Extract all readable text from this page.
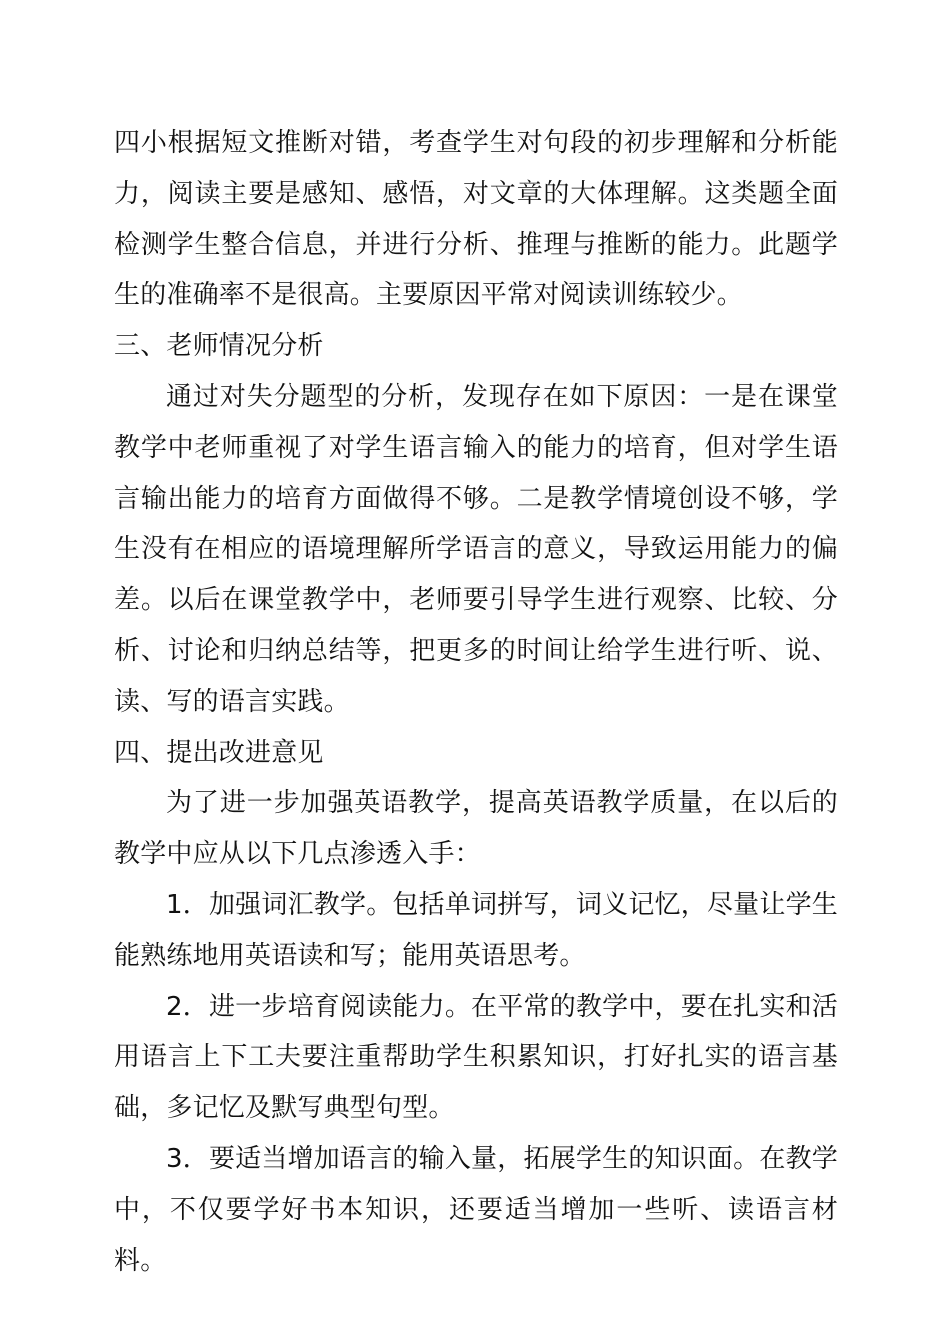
四小根据短文推断对错，考查学生对句段的初步理解和分析能力，阅读主要是感知、感悟，对文章的大体理解。这类题全面检测学生整合信息，并进行分析、推理与推断的能力。此题学生的准确率不是很高。主要原因平常对阅读训练较少。

三、老师情况分析

通过对失分题型的分析，发现存在如下原因：一是在课堂教学中老师重视了对学生语言输入的能力的培育，但对学生语言输出能力的培育方面做得不够。二是教学情境创设不够，学生没有在相应的语境理解所学语言的意义，导致运用能力的偏差。以后在课堂教学中，老师要引导学生进行观察、比较、分析、讨论和归纳总结等，把更多的时间让给学生进行听、说、读、写的语言实践。

四、提出改进意见

为了进一步加强英语教学，提高英语教学质量，在以后的教学中应从以下几点渗透入手：

1．加强词汇教学。包括单词拼写，词义记忆，尽量让学生能熟练地用英语读和写；能用英语思考。

2．进一步培育阅读能力。在平常的教学中，要在扎实和活用语言上下工夫要注重帮助学生积累知识，打好扎实的语言基础，多记忆及默写典型句型。

3．要适当增加语言的输入量，拓展学生的知识面。在教学中，不仅要学好书本知识，还要适当增加一些听、读语言材料。
